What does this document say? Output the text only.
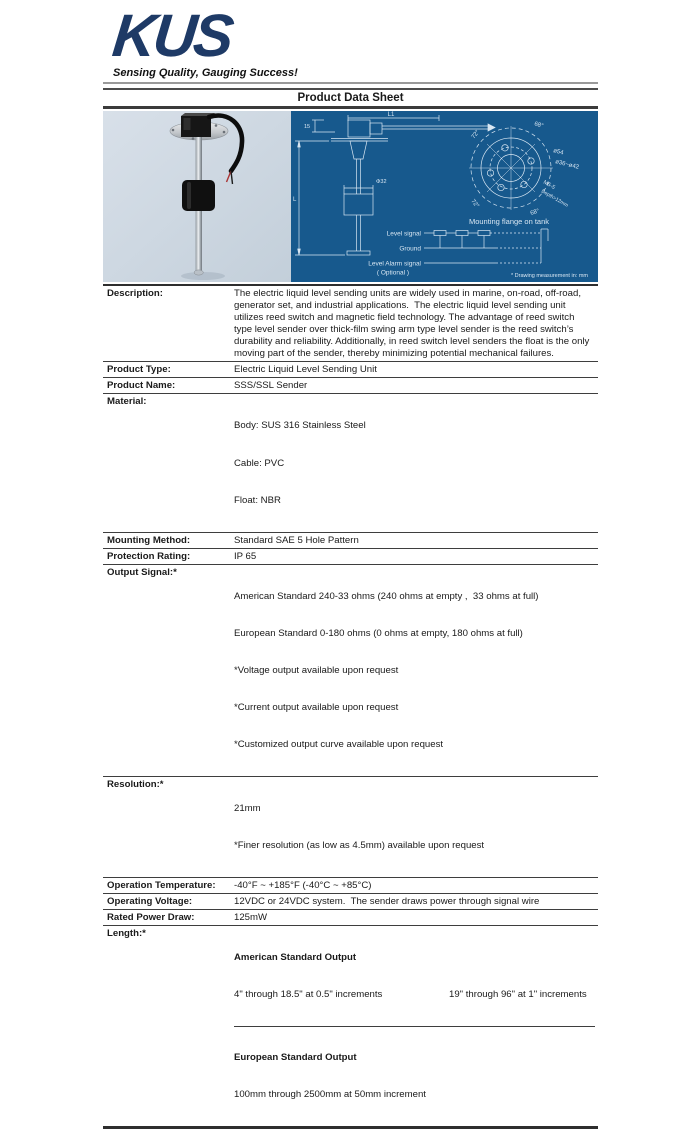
KUS
Sensing Quality, Gauging Success!
Product Data Sheet
L1
15
L
Φ32
68°
72°
72°
68°
ø54
ø36~ø42
M5-5
Depth>12mm
Mounting flange on tank
Level signal
Ground
Level Alarm signal
( Optional )	* Drawing measurement in: mm
Description:	The electric liquid level sending units are widely used in marine, on-road, off-road, generator set, and industrial applications.  The electric liquid level sending unit utilizes reed switch and magnetic field technology. The advantage of reed switch type level sender over thick-film swing arm type level sender is the reed switch’s durability and reliability. Additionally, in reed switch level senders the float is the only moving part of the sender, thereby minimizing potential mechanical failures.
Product Type:	Electric Liquid Level Sending Unit
Product Name:	SSS/SSL Sender
Material:	Body: SUS 316 Stainless Steel

Cable: PVC

Float: NBR

Mounting Method:	Standard SAE 5 Hole Pattern
Protection Rating:	IP 65
Output Signal:*	American Standard 240-33 ohms (240 ohms at empty ,  33 ohms at full)

European Standard 0-180 ohms (0 ohms at empty, 180 ohms at full)

*Voltage output available upon request

*Current output available upon request

*Customized output curve available upon request

Resolution:*	21mm

*Finer resolution (as low as 4.5mm) available upon request

Operation Temperature:	-40°F ~ +185°F (-40°C ~ +85°C)
Operating Voltage:	12VDC or 24VDC system.  The sender draws power through signal wire
Rated Power Draw:	125mW
Length:*	American Standard Output

4" through 18.5" at 0.5" increments 19" through 96" at 1" increments

European Standard Output

100mm through 2500mm at 50mm increment
